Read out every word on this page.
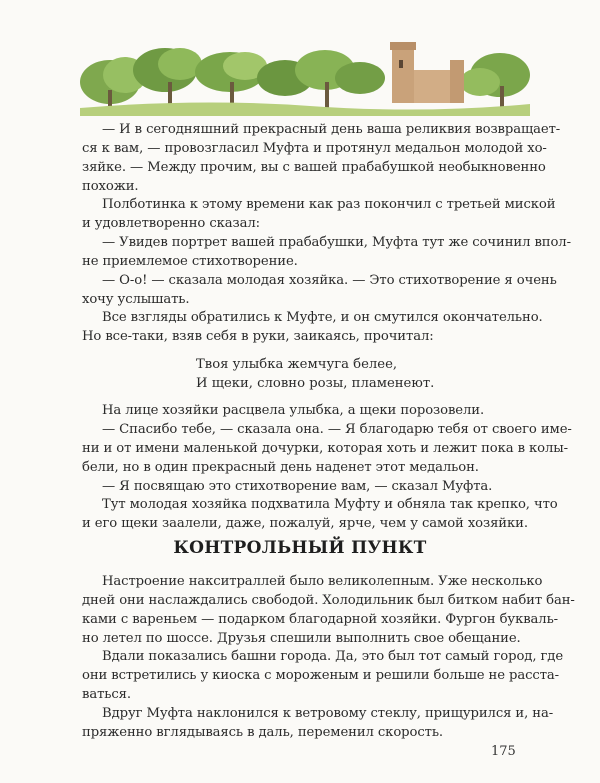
— И в сегодняшний прекрасный день ваша реликвия возвращает-
ся к вам, — провозгласил Муфта и протянул медальон молодой хо-
зяйке. — Между прочим, вы с вашей прабабушкой необыкновенно
похожи.
Полботинка к этому времени как раз покончил с третьей миской
и удовлетворенно сказал:
— Увидев портрет вашей прабабушки, Муфта тут же сочинил впол-
не приемлемое стихотворение.
— О-о! — сказала молодая хозяйка. — Это стихотворение я очень
хочу услышать.
Все взгляды обратились к Муфте, и он смутился окончательно.
Но все-таки, взяв себя в руки, заикаясь, прочитал:
Твоя улыбка жемчуга белее,
И щеки, словно розы, пламенеют.
На лице хозяйки расцвела улыбка, а щеки порозовели.
— Спасибо тебе, — сказала она. — Я благодарю тебя от своего име-
ни и от имени маленькой дочурки, которая хоть и лежит пока в колы-
бели, но в один прекрасный день наденет этот медальон.
— Я посвящаю это стихотворение вам, — сказал Муфта.
Тут молодая хозяйка подхватила Муфту и обняла так крепко, что
и его щеки заалели, даже, пожалуй, ярче, чем у самой хозяйки.
КОНТРОЛЬНЫЙ ПУНКТ
Настроение накситраллей было великолепным. Уже несколько
дней они наслаждались свободой. Холодильник был битком набит бан-
ками с вареньем — подарком благодарной хозяйки. Фургон букваль-
но летел по шоссе. Друзья спешили выполнить свое обещание.
Вдали показались башни города. Да, это был тот самый город, где
они встретились у киоска с мороженым и решили больше не расста-
ваться.
Вдруг Муфта наклонился к ветровому стеклу, прищурился и, на-
пряженно вглядываясь в даль, переменил скорость.
175
